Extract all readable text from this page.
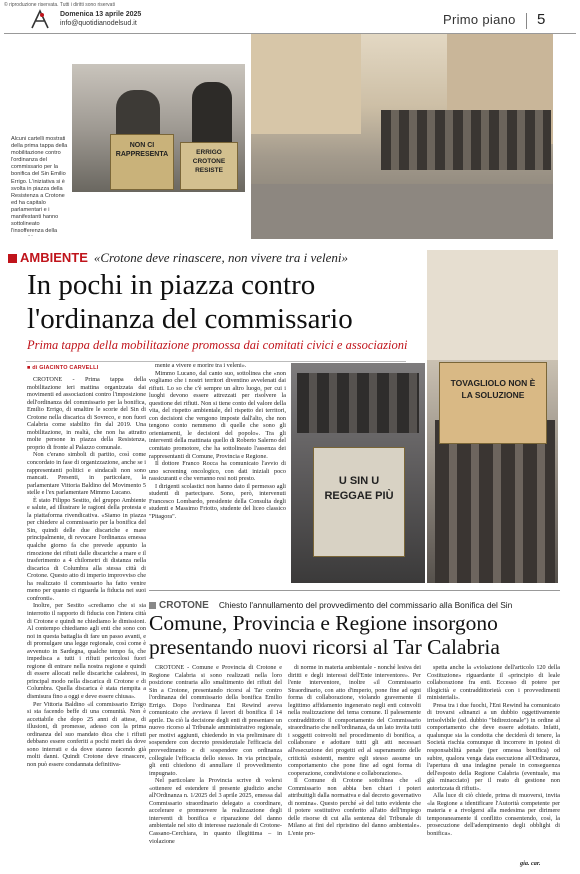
© riproduzione riservata. Tutti i diritti sono riservati
Domenica 13 aprile 2025
info@quotidianodelsud.it	Primo piano 5
NON CI RAPPRESENTA	ERRIGO CROTONE RESISTE
Alcuni cartelli mostrati della prima tappa della mobilitazione contro l'ordinanza del commissario per la bonifica del Sin Emilio Errigo. L'iniziativa si è svolta in piazza della Resistenza a Crotone ed ha capitalo parlamentari e i manifestanti hanno sottolineato l'insofferenza della
AMBIENTE «Crotone deve rinascere, non vivere tra i veleni»
In pochi in piazza contro
l'ordinanza del commissario
Prima tappa della mobilitazione promossa dai comitati civici e associazioni
■ di GIACINTO CARVELLI

CROTONE - Prima tappa della mobilitazione ieri mattina organizzata dai movimenti ed associazioni contro l'imposizione dell'ordinanza del commissario per la bonifica, Emilio Errigo, di smaltire le scorie del Sin di Crotone nella discarica di Sovreco, e non fuori Calabria come stabilito fin dal 2019. Una mobilitazione, in realtà, che non ha attratto molte persone in piazza della Resistenza, proprio di fronte al Palazzo comunale.

Non c'erano simboli di partito, così come concordato in fase di organizzazione, anche se i rappresentanti politici e sindacali non sono mancati. Presenti, in particolare, la parlamentare Vittoria Baldino del Movimento 5 stelle e l'ex parlamentare Mimmo Lucano.

È stato Filippo Sestito, del gruppo Ambiente e salute, ad illustrare le ragioni della protesta e la piattaforma rivendicativa. «Siamo in piazza per chiedere al commissario per la bonifica del Sin, quindi delle due discariche e mare principalmente, di revocare l'ordinanza emessa qualche giorno fa che prevede appunto la rimozione dei rifiuti dalle discariche a mare e il trasferimento a 4 chilometri di distanza nella discarica di Columbra alla stessa città di Crotone. Questo atto di imperio improvviso che ha realizzato il commissario ha fatto venire meno per quanto ci riguarda la fiducia nei suoi confronti».

Inoltre, per Sestito «crediamo che si sia interrotto il rapporto di fiducia con l'intera città di Crotone e quindi ne chiediamo le dimissioni. Al contempo chiediamo agli enti che sono con noi in questa battaglia di fare un passo avanti, e di promulgare una legge regionale, così come è avvenuto in Sardegna, qualche tempo fa, che impedisca a tutti i rifiuti pericolosi fuori regione di entrare nella nostra regione e quindi di essere allocati nelle discariche calabresi, in principal modo nella discarica di Crotone e di Columbra. Quella discarica è stata riempita a dismisura fino a oggi e deve essere chiusa».

Per Vittoria Baldino «il commissario Errigo si sta facendo beffe di una comunità. Non è accettabile che dopo 25 anni di attese, di illusioni, di promesse, adesso con la prima ordinanza del suo mandato dica che i rifiuti debbano essere conferiti a pochi metri da dove sono interrati e da dove stanno facendo già molti danni. Quindi Crotone deve rinascere, non può essere condannata definitiva-

mente a vivere e morire tra i veleni».

Mimmo Lucano, dal canto suo, sottolinea che «non vogliamo che i nostri territori diventino avvelenati dai rifiuti. Lo so che c'è sempre un altro luogo, per cui i luoghi devono essere attrezzati per risolvere la questione dei rifiuti. Non si tiene conto del valore della vita, del rispetto ambientale, del rispetto dei territori, con decisioni che vengono imposte dall'alto, che non tengono conto nemmeno di quelle che sono gli orientamenti, le decisioni del popolo». Tra gli interventi della mattinata quello di Roberto Salerno del comitato promotore, che ha sottolineato l'assenza dei rappresentanti di Comune, Provincia e Regione.

Il dottore Franco Rocca ha comunicato l'avvio di uno screening oncologico, con dati iniziali poco rassicuranti e che verranno resi noti presto.

I dirigenti scolastici non hanno dato il permesso agli studenti di partecipare. Sono, però, intervenuti Francesco Lombardo, presidente della Consulta degli studenti e Massimo Friotto, studente del liceo classico "Pitagora".

U SIN U REGGAE PIÙ
TOVAGLIOLO NON È LA SOLUZIONE
CROTONE Chiesto l'annullamento del provvedimento del commissario alla Bonifica del Sin
Comune, Provincia e Regione insorgono
presentando nuovi ricorsi al Tar Calabria

CROTONE - Comune e Provincia di Crotone e Regione Calabria si sono realizzati nella loro posizione contraria allo smaltimento dei rifiuti del Sin a Crotone, presentando ricorsi al Tar contro l'ordinanza del commissario della bonifica Emilio Errigo. Dopo l'ordinanza Eni Rewind aveva comunicato che avviava il lavori di bonifica il 14 aprile. Da ciò la decisione degli enti di presentare un nuovo ricorso al Tribunale amministrativo regionale, per motivi aggiunti, chiedendo in via preliminare di sospendere con decreto presidenziale l'efficacia del provvedimento e di sospendere con ordinanza collegiale l'efficacia dello stesso. In via principale, gli enti chiedono di annullare il provvedimento impugnato.

Nel particolare la Provincia scrive di volersi «ottenere ed estendere il presente giudizio anche all'Ordinanza n. 1/2025 del 3 aprile 2025, emessa dal Commissario straordinario delegato a coordinare, accelerare e promuovere la realizzazione degli interventi di bonifica e riparazione del danno ambientale nel sito di interesse nazionale di Crotone-Cassano-Cerchiara, in quanto illegittima – in violazione

di norme in materia ambientale - nonché lesiva dei diritti e degli interessi dell'Ente interventore». Per l'ente interventore, inoltre «il Commissario Straordinario, con atto d'imperio, pone fine ad ogni forma di collaborazione, violando gravemente il legittimo affidamento ingenerato negli enti coinvolti nella realizzazione del tema comune. Il palesemente contraddittorio il comportamento del Commissario straordinario che nell'ordinanza, da un lato invita tutti i soggetti coinvolti nel procedimento di bonifica, a collaborare e adottare tutti gli atti necessari all'esecuzione dei progetti ed al superamento delle criticità esistenti, mentre egli stesso assume un comportamento che pone fine ad ogni forma di cooperazione, condivisione e collaborazione».

Il Comune di Crotone sottolinea che «il Commissario non abbia ben chiari i poteri attribuitigli dalla normativa e dal decreto governativo di nomina». Questo perché «è del tutto evidente che il potere sostitutivo conferito all'atto dell'impiego delle risorse di cui alla sentenza del Tribunale di Milano ai fini del ripristino del danno ambientale». L'ente pro-

spetta anche la «violazione dell'articolo 120 della Costituzione» riguardante il «principio di leale collaborazione fra enti. Eccesso di potere per illogicità e contraddittorietà con i provvedimenti ministeriali».

Presa tra i due fuochi, l'Eni Rewind ha comunicato di trovarsi «dinanzi a un dubbio oggettivamente irrisolvibile (od. dubbio "bidirezionale") in ordine al comportamento che deve essere adottato. Infatti, qualunque sia la condotta che deciderà di tenere, la Società rischia comunque di incorrere in ipotesi di responsabilità penale (per omessa bonifica) od subire, qualora venga data esecuzione all'Ordinanza, l'apertura di una indagine penale in conseguenza dell'esposto della Regione Calabria (eventuale, ma già minacciato) per il reato di gestione non autorizzata di rifiuti».

Alla luce di ciò chiede, prima di muoversi, invita «la Regione a identificare l'Autorità competente per materia e a rivolgersi alla medesima per dirimere temporaneamente il conflitto consentendo, così, la prosecuzione dell'adempimento degli obblighi di bonifica».

gia. car.
